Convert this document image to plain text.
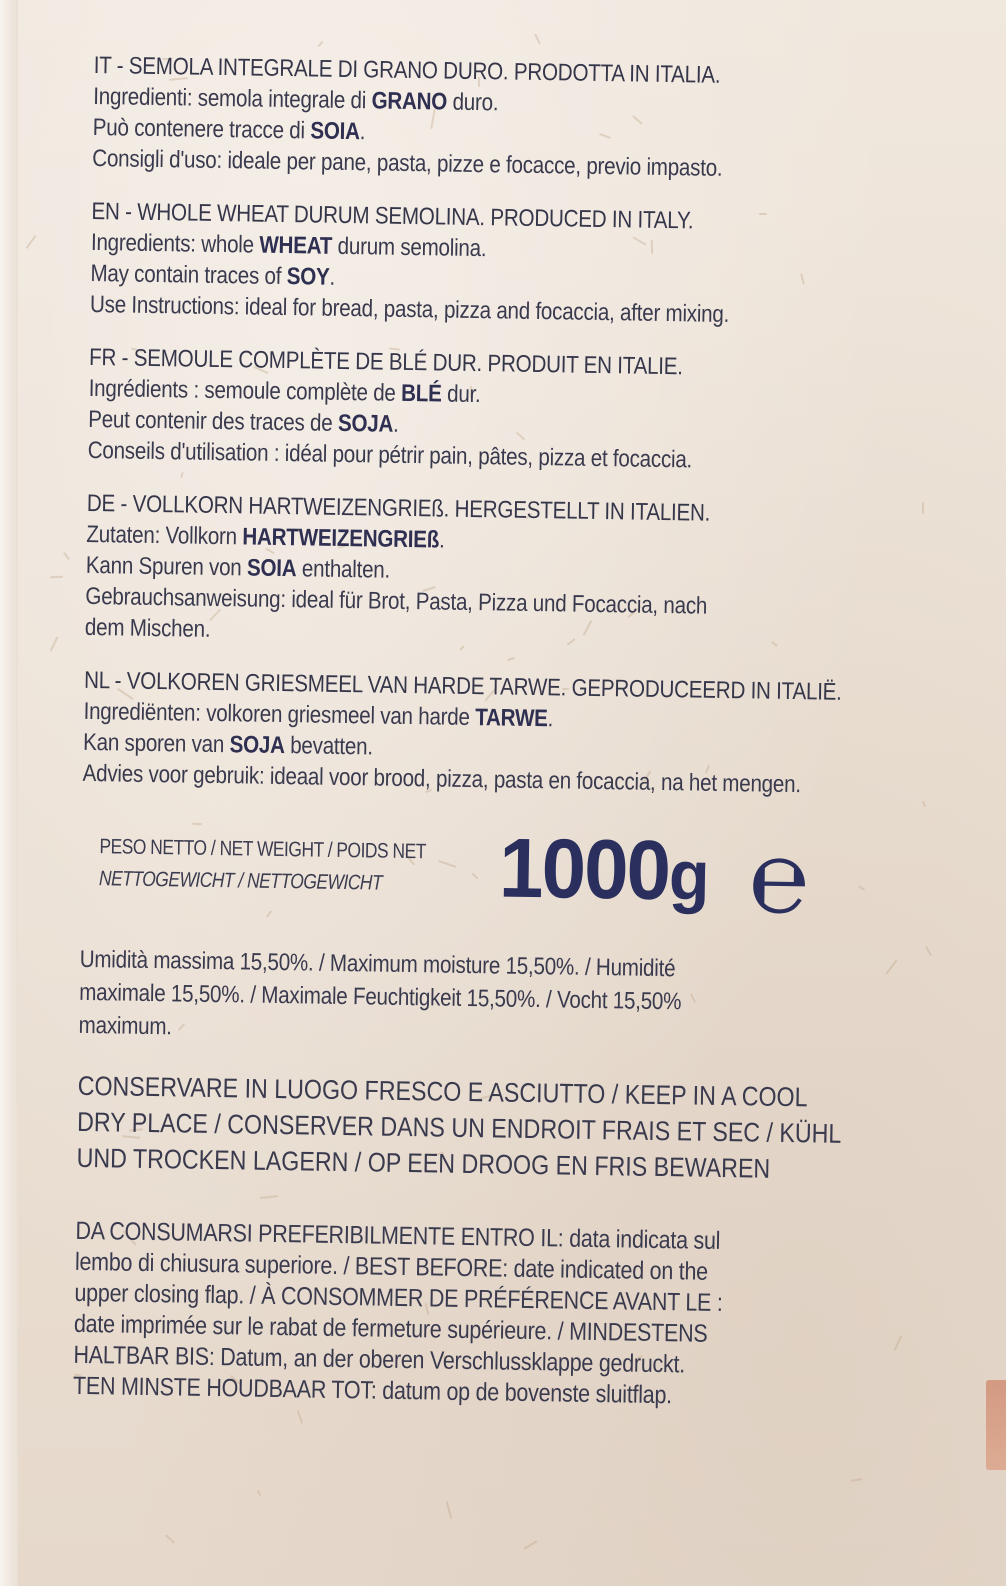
IT - SEMOLA INTEGRALE DI GRANO DURO. PRODOTTA IN ITALIA.
Ingredienti: semola integrale di GRANO duro.
Può contenere tracce di SOIA.
Consigli d'uso: ideale per pane, pasta, pizze e focacce, previo impasto.
EN - WHOLE WHEAT DURUM SEMOLINA. PRODUCED IN ITALY.
Ingredients: whole WHEAT durum semolina.
May contain traces of SOY.
Use Instructions: ideal for bread, pasta, pizza and focaccia, after mixing.
FR - SEMOULE COMPLÈTE DE BLÉ DUR. PRODUIT EN ITALIE.
Ingrédients : semoule complète de BLÉ dur.
Peut contenir des traces de SOJA.
Conseils d'utilisation : idéal pour pétrir pain, pâtes, pizza et focaccia.
DE - VOLLKORN HARTWEIZENGRIEß. HERGESTELLT IN ITALIEN.
Zutaten: Vollkorn HARTWEIZENGRIEß.
Kann Spuren von SOIA enthalten.
Gebrauchsanweisung: ideal für Brot, Pasta, Pizza und Focaccia, nach
dem Mischen.
NL - VOLKOREN GRIESMEEL VAN HARDE TARWE. GEPRODUCEERD IN ITALIË.
Ingrediënten: volkoren griesmeel van harde TARWE.
Kan sporen van SOJA bevatten.
Advies voor gebruik: ideaal voor brood, pizza, pasta en focaccia, na het mengen.
PESO NETTO / NET WEIGHT / POIDS NET
NETTOGEWICHT / NETTOGEWICHT	1000g ℮
Umidità massima 15,50%. / Maximum moisture 15,50%. / Humidité
maximale 15,50%. / Maximale Feuchtigkeit 15,50%. / Vocht 15,50%
maximum.
CONSERVARE IN LUOGO FRESCO E ASCIUTTO / KEEP IN A COOL
DRY PLACE / CONSERVER DANS UN ENDROIT FRAIS ET SEC / KÜHL
UND TROCKEN LAGERN / OP EEN DROOG EN FRIS BEWAREN
DA CONSUMARSI PREFERIBILMENTE ENTRO IL: data indicata sul
lembo di chiusura superiore. / BEST BEFORE: date indicated on the
upper closing flap. / À CONSOMMER DE PRÉFÉRENCE AVANT LE :
date imprimée sur le rabat de fermeture supérieure. / MINDESTENS
HALTBAR BIS: Datum, an der oberen Verschlussklappe gedruckt.
TEN MINSTE HOUDBAAR TOT: datum op de bovenste sluitflap.
